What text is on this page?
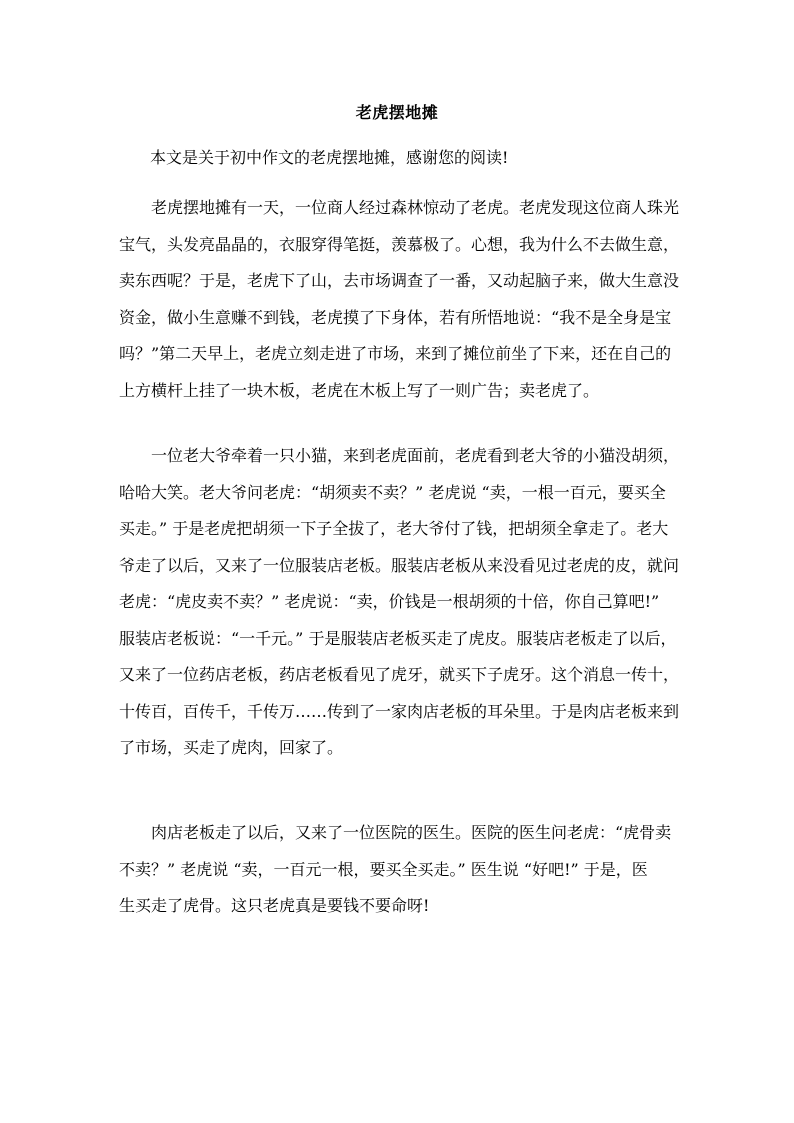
老虎摆地摊
本文是关于初中作文的老虎摆地摊，感谢您的阅读!
老虎摆地摊有一天，一位商人经过森林惊动了老虎。老虎发现这位商人珠光
宝气，头发亮晶晶的，衣服穿得笔挺，羡慕极了。心想，我为什么不去做生意，
卖东西呢？于是，老虎下了山，去市场调查了一番，又动起脑子来，做大生意没
资金，做小生意赚不到钱，老虎摸了下身体，若有所悟地说：“我不是全身是宝
吗？”第二天早上，老虎立刻走进了市场，来到了摊位前坐了下来，还在自己的
上方横杆上挂了一块木板，老虎在木板上写了一则广告；卖老虎了。
一位老大爷牵着一只小猫，来到老虎面前，老虎看到老大爷的小猫没胡须，
哈哈大笑。老大爷问老虎：“胡须卖不卖？” 老虎说 “卖，一根一百元，要买全
买走。” 于是老虎把胡须一下子全拔了，老大爷付了钱，把胡须全拿走了。老大
爷走了以后，又来了一位服装店老板。服装店老板从来没看见过老虎的皮，就问
老虎：“虎皮卖不卖？” 老虎说：“卖，价钱是一根胡须的十倍，你自己算吧!”
服装店老板说：“一千元。” 于是服装店老板买走了虎皮。服装店老板走了以后，
又来了一位药店老板，药店老板看见了虎牙，就买下子虎牙。这个消息一传十，
十传百，百传千，千传万……传到了一家肉店老板的耳朵里。于是肉店老板来到
了市场，买走了虎肉，回家了。
肉店老板走了以后，又来了一位医院的医生。医院的医生问老虎：“虎骨卖
不卖？” 老虎说 “卖，一百元一根，要买全买走。” 医生说 “好吧!” 于是，医
生买走了虎骨。这只老虎真是要钱不要命呀!
